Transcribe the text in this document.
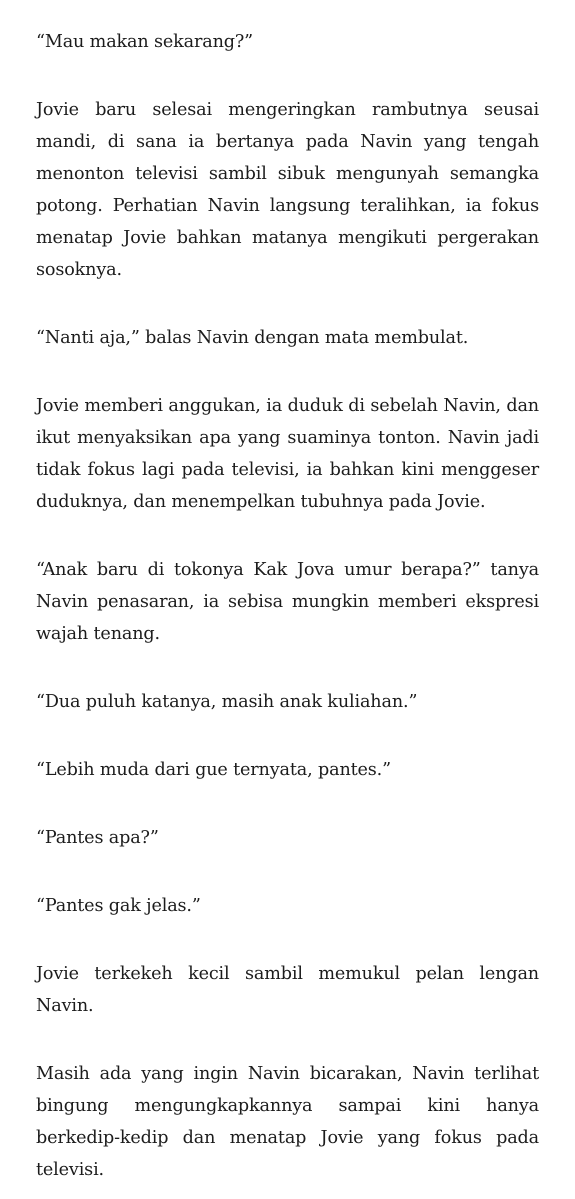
“Mau makan sekarang?”

Jovie baru selesai mengeringkan rambutnya seusai mandi, di sana ia bertanya pada Navin yang tengah menonton televisi sambil sibuk mengunyah semangka potong. Perhatian Navin langsung teralihkan, ia fokus menatap Jovie bahkan matanya mengikuti pergerakan sosoknya.

“Nanti aja,” balas Navin dengan mata membulat.

Jovie memberi anggukan, ia duduk di sebelah Navin, dan ikut menyaksikan apa yang suaminya tonton. Navin jadi tidak fokus lagi pada televisi, ia bahkan kini menggeser duduknya, dan menempelkan tubuhnya pada Jovie.

“Anak baru di tokonya Kak Jova umur berapa?” tanya Navin penasaran, ia sebisa mungkin memberi ekspresi wajah tenang.

“Dua puluh katanya, masih anak kuliahan.”

“Lebih muda dari gue ternyata, pantes.”

“Pantes apa?”

“Pantes gak jelas.”

Jovie terkekeh kecil sambil memukul pelan lengan Navin.

Masih ada yang ingin Navin bicarakan, Navin terlihat bingung mengungkapkannya sampai kini hanya berkedip-kedip dan menatap Jovie yang fokus pada televisi.
